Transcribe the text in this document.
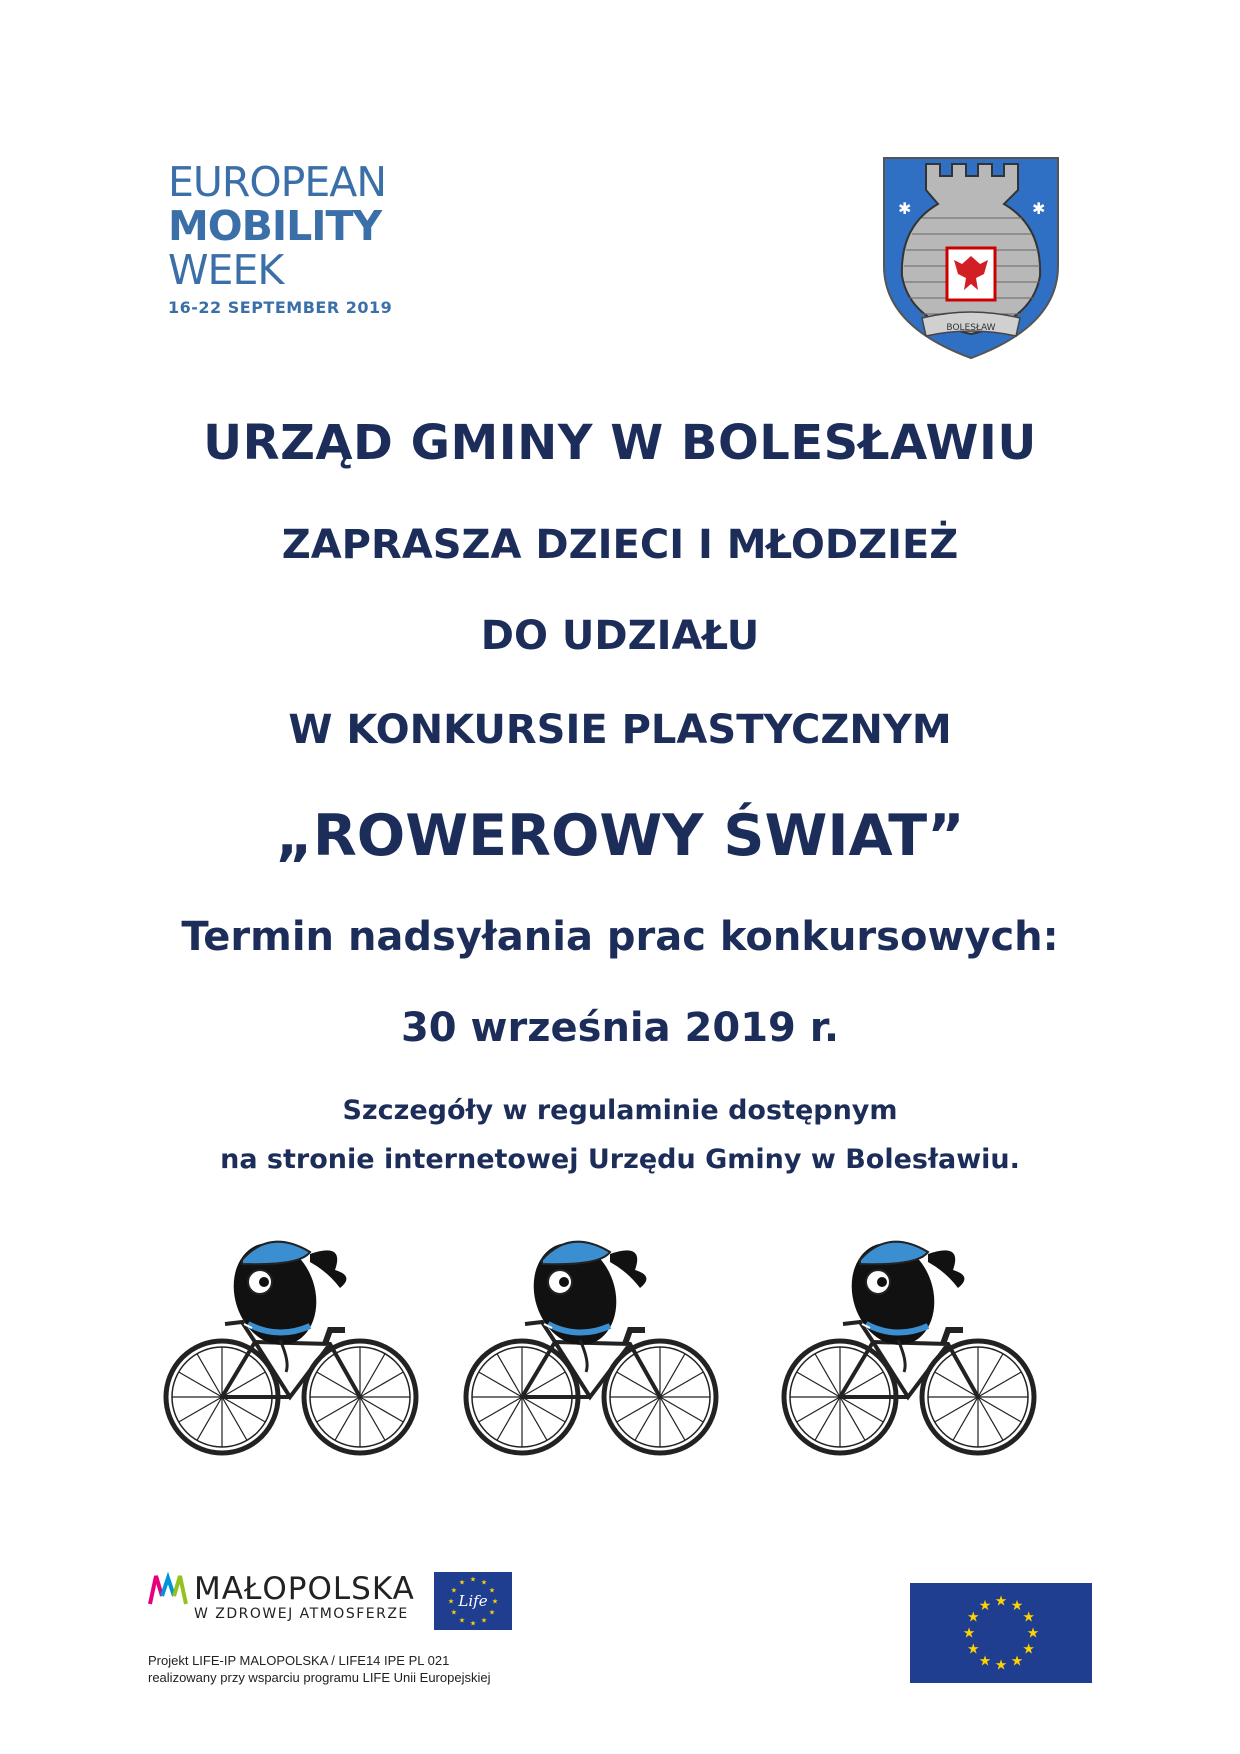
EUROPEAN
MOBILITY
WEEK
16-22 SEPTEMBER 2019
✱	✱
BOLESŁAW
URZĄD GMINY W BOLESŁAWIU
ZAPRASZA DZIECI I MŁODZIEŻ
DO UDZIAŁU
W KONKURSIE PLASTYCZNYM
„ROWEROWY ŚWIAT”
Termin nadsyłania prac konkursowych:
30 września 2019 r.
Szczegóły w regulaminie dostępnym
na stronie internetowej Urzędu Gminy w Bolesławiu.
MAŁOPOLSKA
W ZDROWEJ ATMOSFERZE
★
★
★
★
★
★
★
★
★ ★ ★
★
Life
Projekt LIFE-IP MALOPOLSKA / LIFE14 IPE PL 021
realizowany przy wsparciu programu LIFE Unii Europejskiej
★
★
★
★
★
★
★
★
★ ★ ★
★
